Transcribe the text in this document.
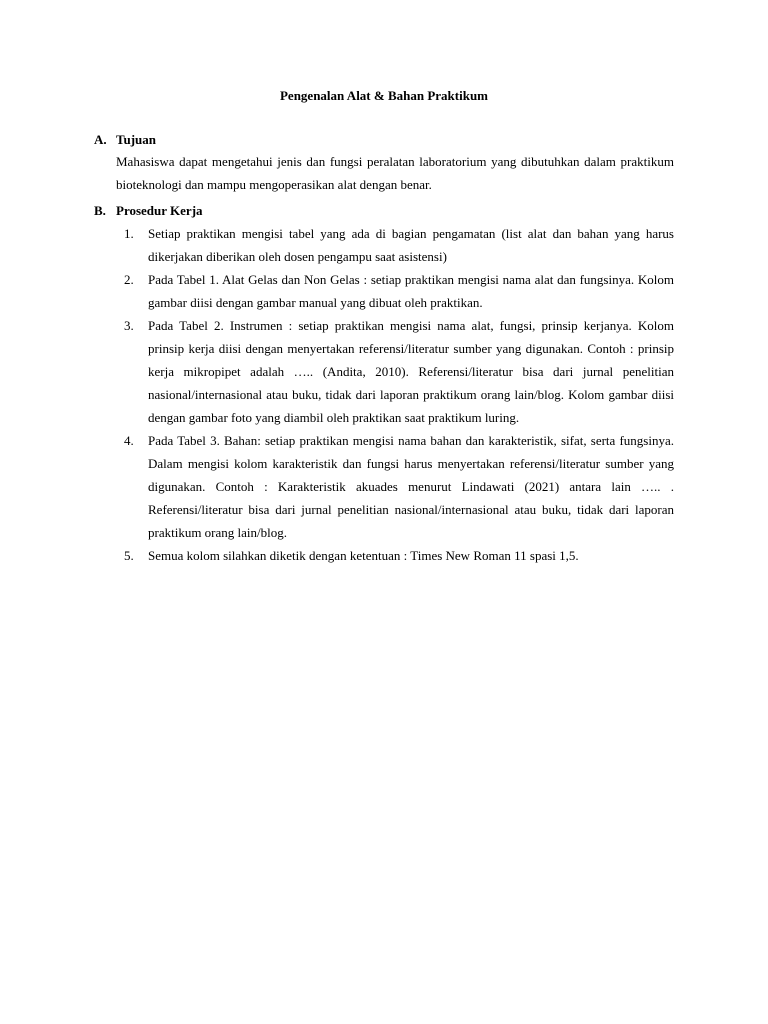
Pengenalan Alat & Bahan Praktikum
A. Tujuan
Mahasiswa dapat mengetahui jenis dan fungsi peralatan laboratorium yang dibutuhkan dalam praktikum bioteknologi dan mampu mengoperasikan alat dengan benar.
B. Prosedur Kerja
1.	Setiap praktikan mengisi tabel yang ada di bagian pengamatan (list alat dan bahan yang harus dikerjakan diberikan oleh dosen pengampu saat asistensi)
2.	Pada Tabel 1. Alat Gelas dan Non Gelas : setiap praktikan mengisi nama alat dan fungsinya. Kolom gambar diisi dengan gambar manual yang dibuat oleh praktikan.
3.	Pada Tabel 2. Instrumen : setiap praktikan mengisi nama alat, fungsi, prinsip kerjanya. Kolom prinsip kerja diisi dengan menyertakan referensi/literatur sumber yang digunakan. Contoh : prinsip kerja mikropipet adalah ….. (Andita, 2010). Referensi/literatur bisa dari jurnal penelitian nasional/internasional atau buku, tidak dari laporan praktikum orang lain/blog. Kolom gambar diisi dengan gambar foto yang diambil oleh praktikan saat praktikum luring.
4.	Pada Tabel 3. Bahan: setiap praktikan mengisi nama bahan dan karakteristik, sifat, serta fungsinya. Dalam mengisi kolom karakteristik dan fungsi harus menyertakan referensi/literatur sumber yang digunakan. Contoh : Karakteristik akuades menurut Lindawati (2021) antara lain ….. . Referensi/literatur bisa dari jurnal penelitian nasional/internasional atau buku, tidak dari laporan praktikum orang lain/blog.
5.	Semua kolom silahkan diketik dengan ketentuan : Times New Roman 11 spasi 1,5.
